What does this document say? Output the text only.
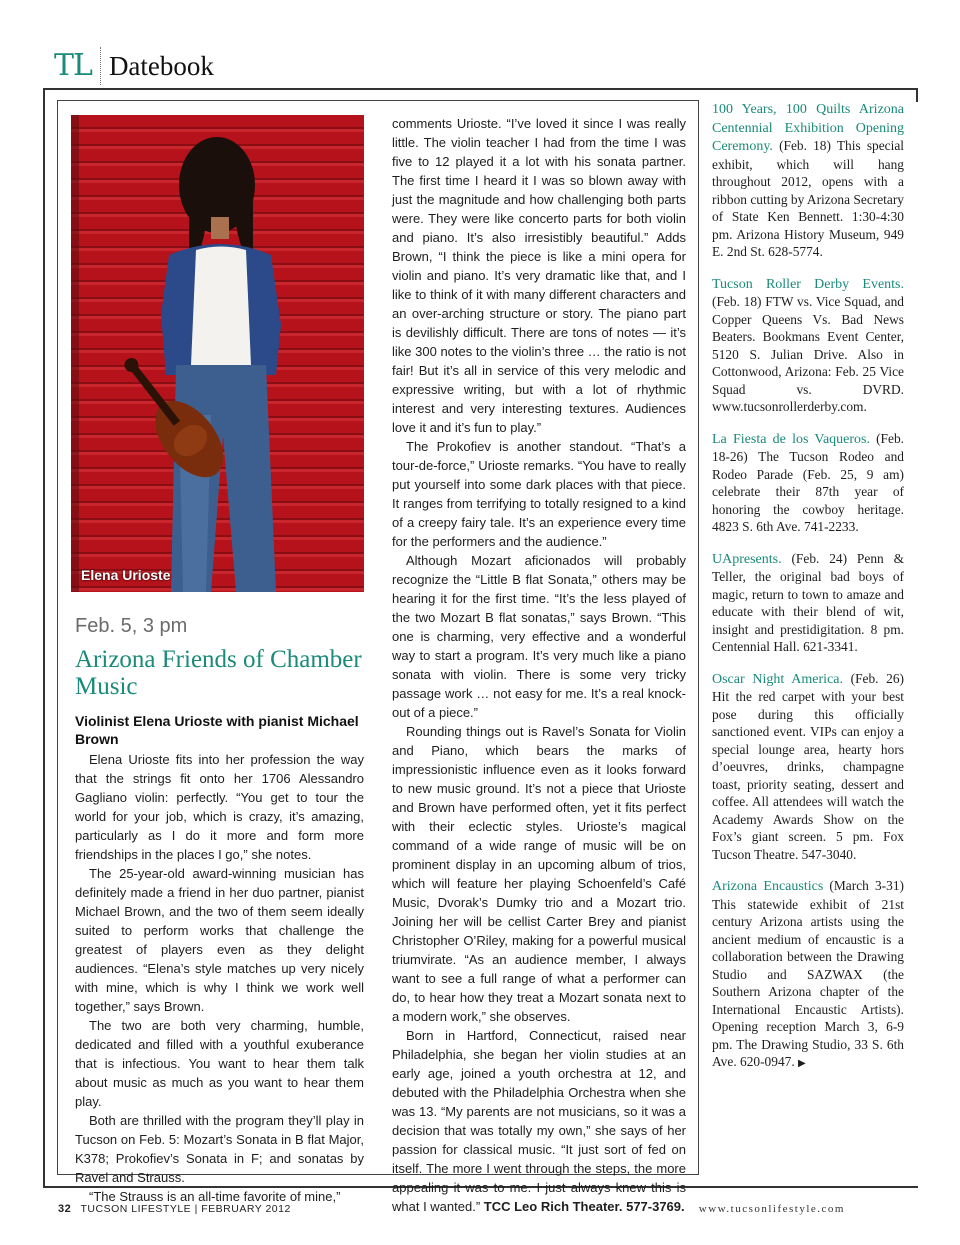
TL Datebook
Elena Urioste
Feb. 5, 3 pm
Arizona Friends of Chamber Music
Violinist Elena Urioste with pianist Michael Brown

Elena Urioste fits into her profession the way that the strings fit onto her 1706 Alessandro Gagliano violin: perfectly. “You get to tour the world for your job, which is crazy, it’s amazing, particularly as I do it more and form more friendships in the places I go,” she notes.

The 25-year-old award-winning musician has definitely made a friend in her duo partner, pianist Michael Brown, and the two of them seem ideally suited to perform works that challenge the greatest of players even as they delight audiences. “Elena’s style matches up very nicely with mine, which is why I think we work well together,” says Brown.

The two are both very charming, humble, dedicated and filled with a youthful exuberance that is infectious. You want to hear them talk about music as much as you want to hear them play.

Both are thrilled with the program they’ll play in Tucson on Feb. 5: Mozart’s Sonata in B flat Major, K378; Prokofiev’s Sonata in F; and sonatas by Ravel and Strauss.

“The Strauss is an all-time favorite of mine,”

comments Urioste. “I’ve loved it since I was really little. The violin teacher I had from the time I was five to 12 played it a lot with his sonata partner. The first time I heard it I was so blown away with just the magnitude and how challenging both parts were. They were like concerto parts for both violin and piano. It’s also irresistibly beautiful.” Adds Brown, “I think the piece is like a mini opera for violin and piano. It’s very dramatic like that, and I like to think of it with many different characters and an over-arching structure or story. The piano part is devilishly difficult. There are tons of notes — it’s like 300 notes to the violin’s three … the ratio is not fair! But it’s all in service of this very melodic and expressive writing, but with a lot of rhythmic interest and very interesting textures. Audiences love it and it’s fun to play.”

The Prokofiev is another standout. “That’s a tour-de-force,” Urioste remarks. “You have to really put yourself into some dark places with that piece. It ranges from terrifying to totally resigned to a kind of a creepy fairy tale. It’s an experience every time for the performers and the audience.”

Although Mozart aficionados will probably recognize the “Little B flat Sonata,” others may be hearing it for the first time. “It’s the less played of the two Mozart B flat sonatas,” says Brown. “This one is charming, very effective and a wonderful way to start a program. It’s very much like a piano sonata with violin. There is some very tricky passage work … not easy for me. It’s a real knock-out of a piece.”

Rounding things out is Ravel’s Sonata for Violin and Piano, which bears the marks of impressionistic influence even as it looks forward to new music ground. It’s not a piece that Urioste and Brown have performed often, yet it fits perfect with their eclectic styles. Urioste’s magical command of a wide range of music will be on prominent display in an upcoming album of trios, which will feature her playing Schoenfeld’s Café Music, Dvorak’s Dumky trio and a Mozart trio. Joining her will be cellist Carter Brey and pianist Christopher O’Riley, making for a powerful musical triumvirate. “As an audience member, I always want to see a full range of what a performer can do, to hear how they treat a Mozart sonata next to a modern work,” she observes.

Born in Hartford, Connecticut, raised near Philadelphia, she began her violin studies at an early age, joined a youth orchestra at 12, and debuted with the Philadelphia Orchestra when she was 13. “My parents are not musicians, so it was a decision that was totally my own,” she says of her passion for classical music. “It just sort of fed on itself. The more I went through the steps, the more appealing it was to me. I just always knew this is what I wanted.” TCC Leo Rich Theater. 577-3769.

100 Years, 100 Quilts Arizona Centennial Exhibition Opening Ceremony. (Feb. 18) This special exhibit, which will hang throughout 2012, opens with a ribbon cutting by Arizona Secretary of State Ken Bennett. 1:30-4:30 pm. Arizona History Museum, 949 E. 2nd St. 628-5774.
Tucson Roller Derby Events. (Feb. 18) FTW vs. Vice Squad, and Copper Queens Vs. Bad News Beaters. Bookmans Event Center, 5120 S. Julian Drive. Also in Cottonwood, Arizona: Feb. 25 Vice Squad vs. DVRD. www.tucsonrollerderby.com.
La Fiesta de los Vaqueros. (Feb. 18-26) The Tucson Rodeo and Rodeo Parade (Feb. 25, 9 am) celebrate their 87th year of honoring the cowboy heritage. 4823 S. 6th Ave. 741-2233.
UApresents. (Feb. 24) Penn & Teller, the original bad boys of magic, return to town to amaze and educate with their blend of wit, insight and prestidigitation. 8 pm. Centennial Hall. 621-3341.
Oscar Night America. (Feb. 26) Hit the red carpet with your best pose during this officially sanctioned event. VIPs can enjoy a special lounge area, hearty hors d’oeuvres, drinks, champagne toast, priority seating, dessert and coffee. All attendees will watch the Academy Awards Show on the Fox’s giant screen. 5 pm. Fox Tucson Theatre. 547-3040.
Arizona Encaustics (March 3-31) This statewide exhibit of 21st century Arizona artists using the ancient medium of encaustic is a collaboration between the Drawing Studio and SAZWAX (the Southern Arizona chapter of the International Encaustic Artists). Opening reception March 3, 6-9 pm. The Drawing Studio, 33 S. 6th Ave. 620-0947. ▶
32 TUCSON LIFESTYLE | FEBRUARY 2012	www.tucsonlifestyle.com
